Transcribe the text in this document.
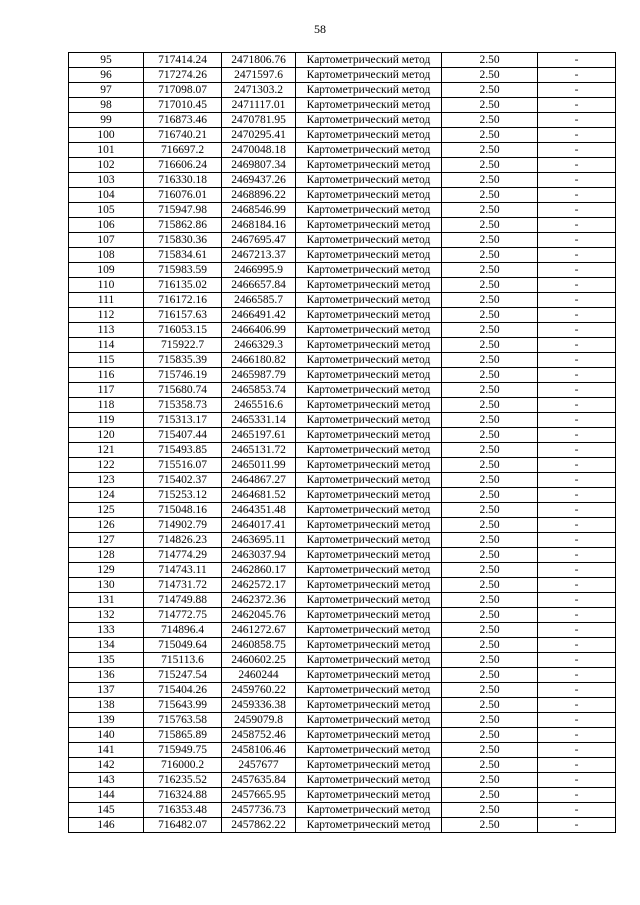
58
95	717414.24	2471806.76	Картометрический метод	2.50	-
96	717274.26	2471597.6	Картометрический метод	2.50	-
97	717098.07	2471303.2	Картометрический метод	2.50	-
98	717010.45	2471117.01	Картометрический метод	2.50	-
99	716873.46	2470781.95	Картометрический метод	2.50	-
100	716740.21	2470295.41	Картометрический метод	2.50	-
101	716697.2	2470048.18	Картометрический метод	2.50	-
102	716606.24	2469807.34	Картометрический метод	2.50	-
103	716330.18	2469437.26	Картометрический метод	2.50	-
104	716076.01	2468896.22	Картометрический метод	2.50	-
105	715947.98	2468546.99	Картометрический метод	2.50	-
106	715862.86	2468184.16	Картометрический метод	2.50	-
107	715830.36	2467695.47	Картометрический метод	2.50	-
108	715834.61	2467213.37	Картометрический метод	2.50	-
109	715983.59	2466995.9	Картометрический метод	2.50	-
110	716135.02	2466657.84	Картометрический метод	2.50	-
111	716172.16	2466585.7	Картометрический метод	2.50	-
112	716157.63	2466491.42	Картометрический метод	2.50	-
113	716053.15	2466406.99	Картометрический метод	2.50	-
114	715922.7	2466329.3	Картометрический метод	2.50	-
115	715835.39	2466180.82	Картометрический метод	2.50	-
116	715746.19	2465987.79	Картометрический метод	2.50	-
117	715680.74	2465853.74	Картометрический метод	2.50	-
118	715358.73	2465516.6	Картометрический метод	2.50	-
119	715313.17	2465331.14	Картометрический метод	2.50	-
120	715407.44	2465197.61	Картометрический метод	2.50	-
121	715493.85	2465131.72	Картометрический метод	2.50	-
122	715516.07	2465011.99	Картометрический метод	2.50	-
123	715402.37	2464867.27	Картометрический метод	2.50	-
124	715253.12	2464681.52	Картометрический метод	2.50	-
125	715048.16	2464351.48	Картометрический метод	2.50	-
126	714902.79	2464017.41	Картометрический метод	2.50	-
127	714826.23	2463695.11	Картометрический метод	2.50	-
128	714774.29	2463037.94	Картометрический метод	2.50	-
129	714743.11	2462860.17	Картометрический метод	2.50	-
130	714731.72	2462572.17	Картометрический метод	2.50	-
131	714749.88	2462372.36	Картометрический метод	2.50	-
132	714772.75	2462045.76	Картометрический метод	2.50	-
133	714896.4	2461272.67	Картометрический метод	2.50	-
134	715049.64	2460858.75	Картометрический метод	2.50	-
135	715113.6	2460602.25	Картометрический метод	2.50	-
136	715247.54	2460244	Картометрический метод	2.50	-
137	715404.26	2459760.22	Картометрический метод	2.50	-
138	715643.99	2459336.38	Картометрический метод	2.50	-
139	715763.58	2459079.8	Картометрический метод	2.50	-
140	715865.89	2458752.46	Картометрический метод	2.50	-
141	715949.75	2458106.46	Картометрический метод	2.50	-
142	716000.2	2457677	Картометрический метод	2.50	-
143	716235.52	2457635.84	Картометрический метод	2.50	-
144	716324.88	2457665.95	Картометрический метод	2.50	-
145	716353.48	2457736.73	Картометрический метод	2.50	-
146	716482.07	2457862.22	Картометрический метод	2.50	-
